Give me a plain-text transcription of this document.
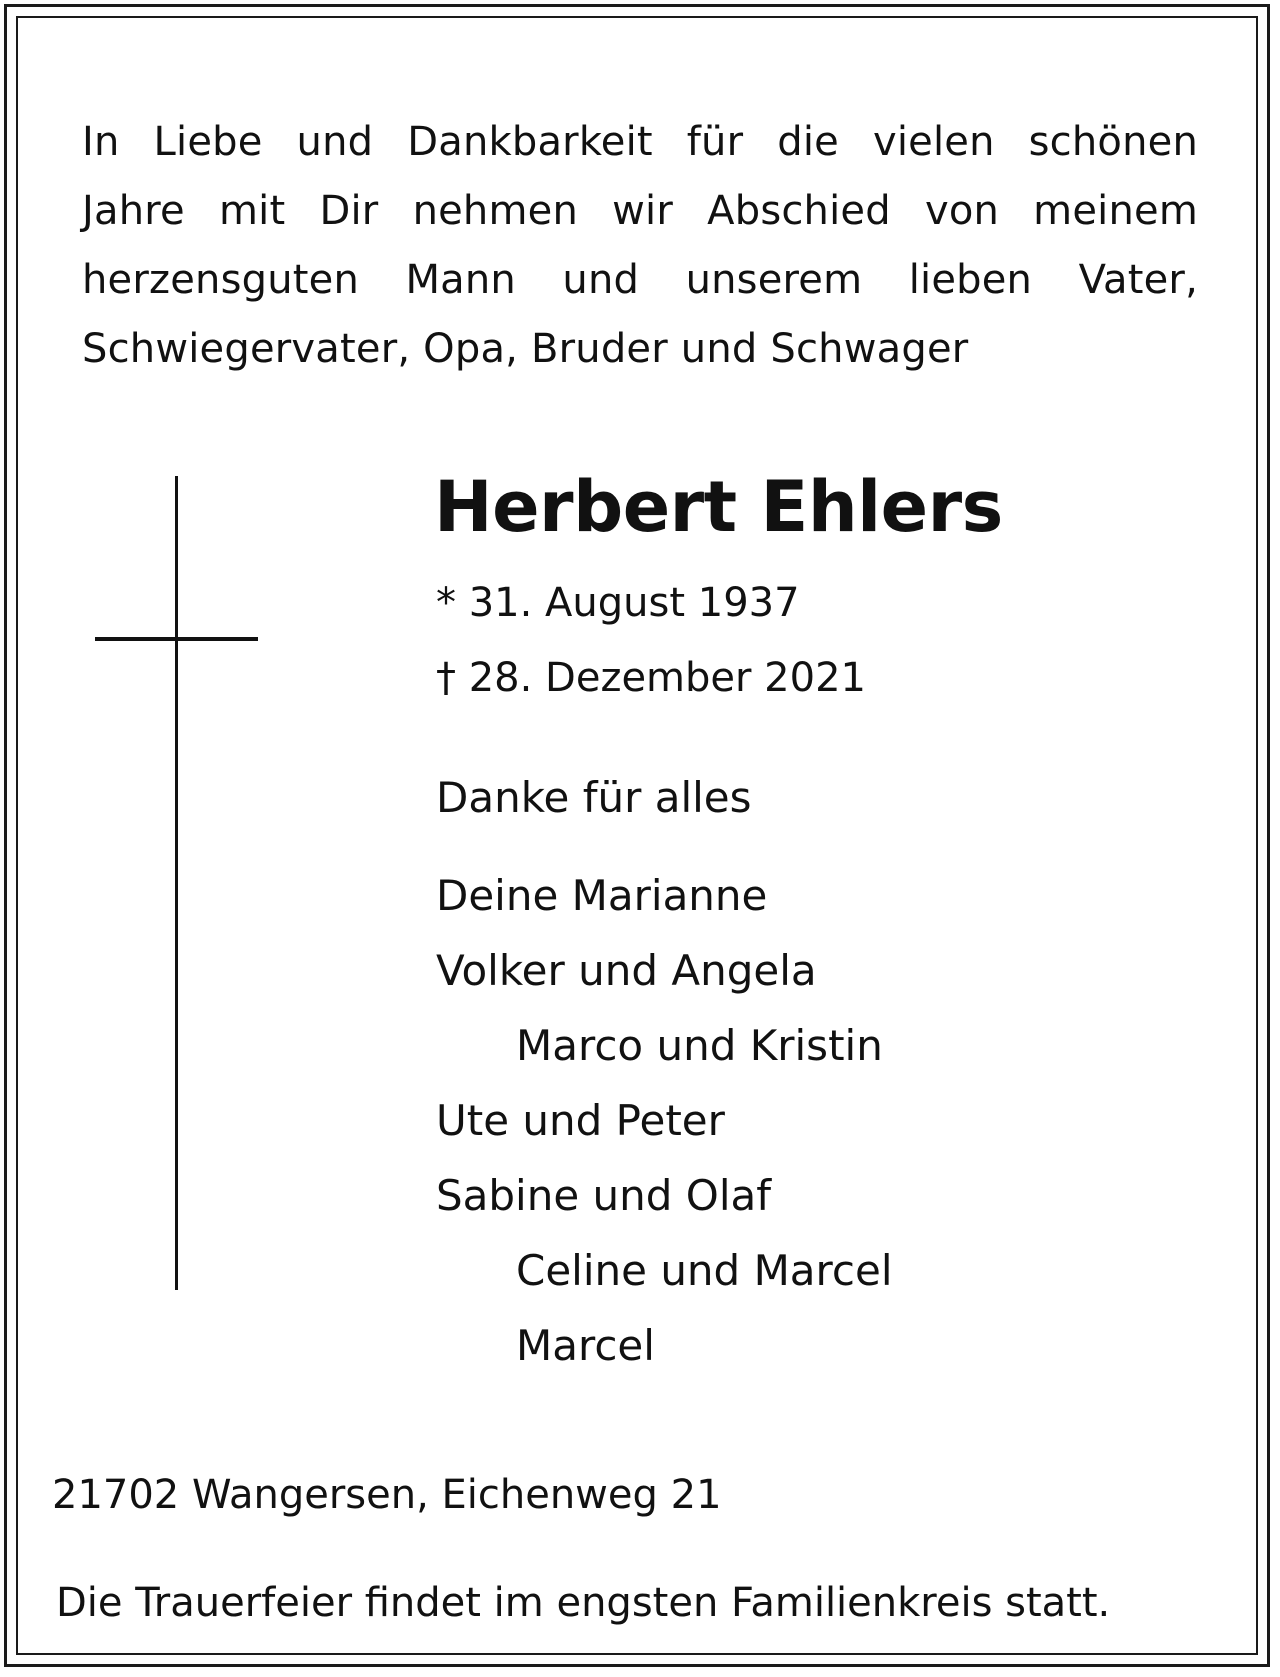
In Liebe und Dankbarkeit für die vielen schönen
Jahre mit Dir nehmen wir Abschied von meinem
herzensguten Mann und unserem lieben Vater,
Schwiegervater, Opa, Bruder und Schwager
Herbert Ehlers
* 31. August 1937
† 28. Dezember 2021
Danke für alles
Deine Marianne
Volker und Angela
Marco und Kristin
Ute und Peter
Sabine und Olaf
Celine und Marcel
Marcel
21702 Wangersen, Eichenweg 21
Die Trauerfeier findet im engsten Familienkreis statt.
